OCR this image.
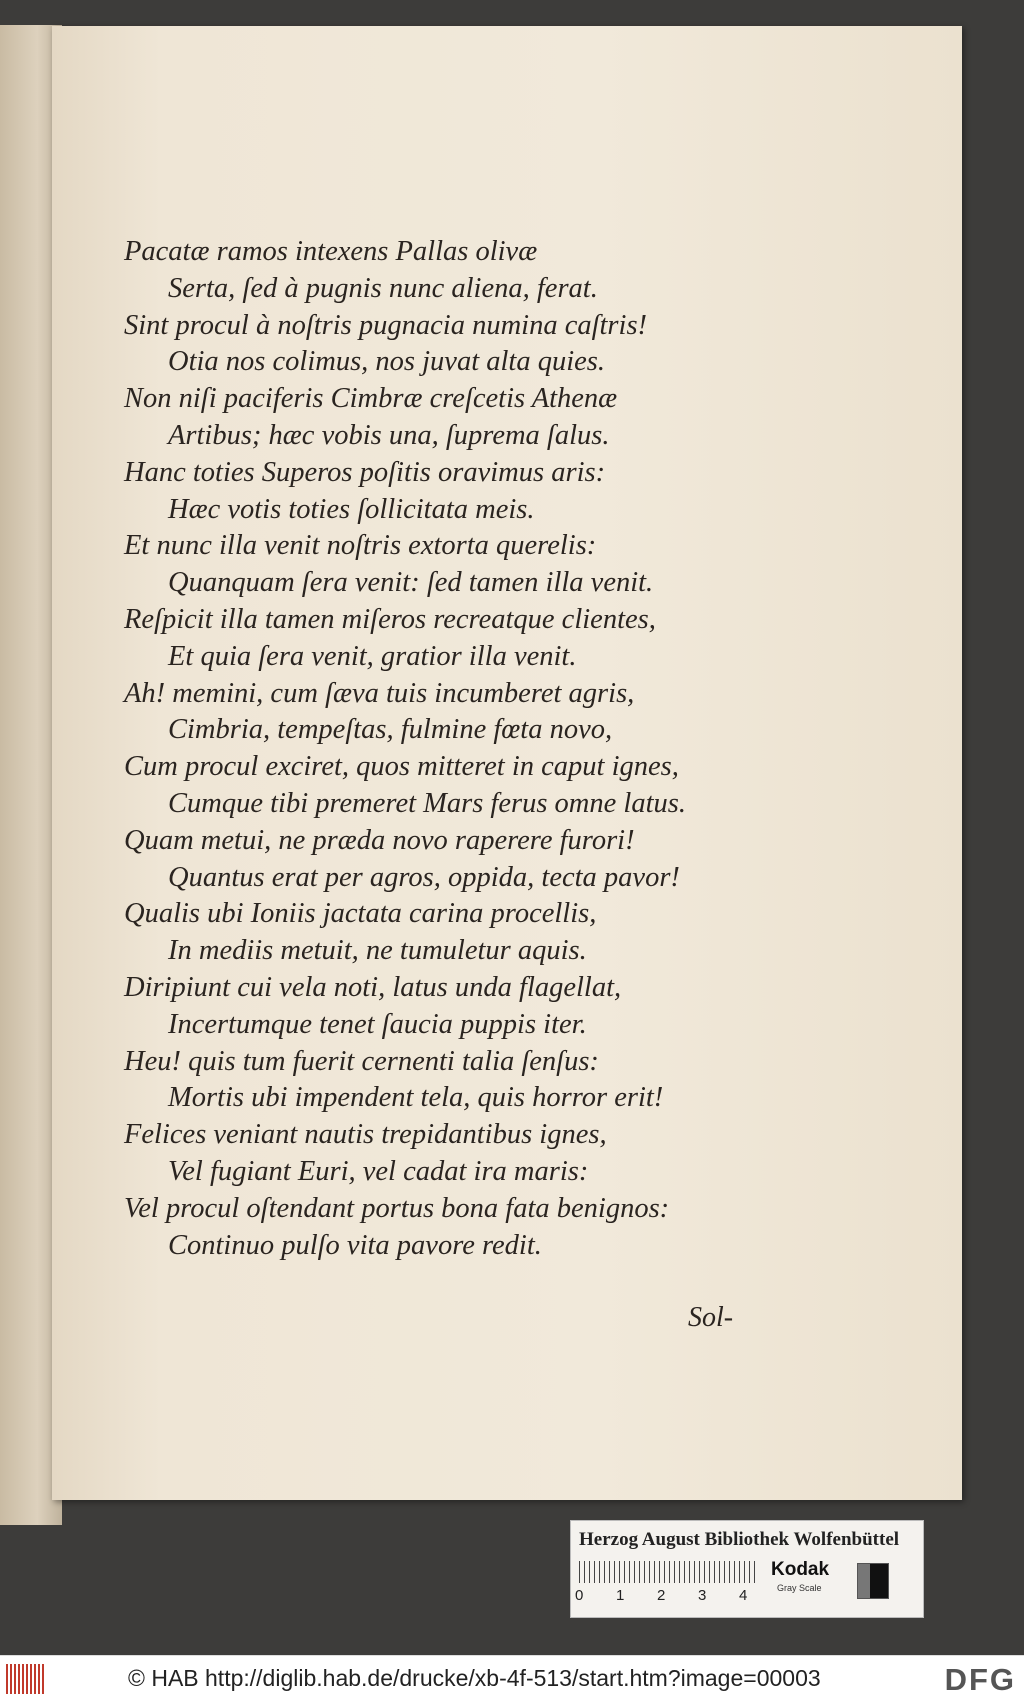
Pacatæ ramos intexens Pallas olivæ
Serta, ſed à pugnis nunc aliena, ferat.
Sint procul à noſtris pugnacia numina caſtris!
Otia nos colimus, nos juvat alta quies.
Non niſi paciferis Cimbræ creſcetis Athenæ
Artibus; hæc vobis una, ſuprema ſalus.
Hanc toties Superos poſitis oravimus aris:
Hæc votis toties ſollicitata meis.
Et nunc illa venit noſtris extorta querelis:
Quanquam ſera venit: ſed tamen illa venit.
Reſpicit illa tamen miſeros recreatque clientes,
Et quia ſera venit, gratior illa venit.
Ah! memini, cum ſæva tuis incumberet agris,
Cimbria, tempeſtas, fulmine fœta novo,
Cum procul exciret, quos mitteret in caput ignes,
Cumque tibi premeret Mars ferus omne latus.
Quam metui, ne præda novo raperere furori!
Quantus erat per agros, oppida, tecta pavor!
Qualis ubi Ioniis jactata carina procellis,
In mediis metuit, ne tumuletur aquis.
Diripiunt cui vela noti, latus unda flagellat,
Incertumque tenet ſaucia puppis iter.
Heu! quis tum fuerit cernenti talia ſenſus:
Mortis ubi impendent tela, quis horror erit!
Felices veniant nautis trepidantibus ignes,
Vel fugiant Euri, vel cadat ira maris:
Vel procul oſtendant portus bona fata benignos:
Continuo pulſo vita pavore redit.
Sol-
Herzog August Bibliothek Wolfenbüttel
0 1 2 3 4
Kodak
Gray Scale
© HAB http://diglib.hab.de/drucke/xb-4f-513/start.htm?image=00003	DFG
